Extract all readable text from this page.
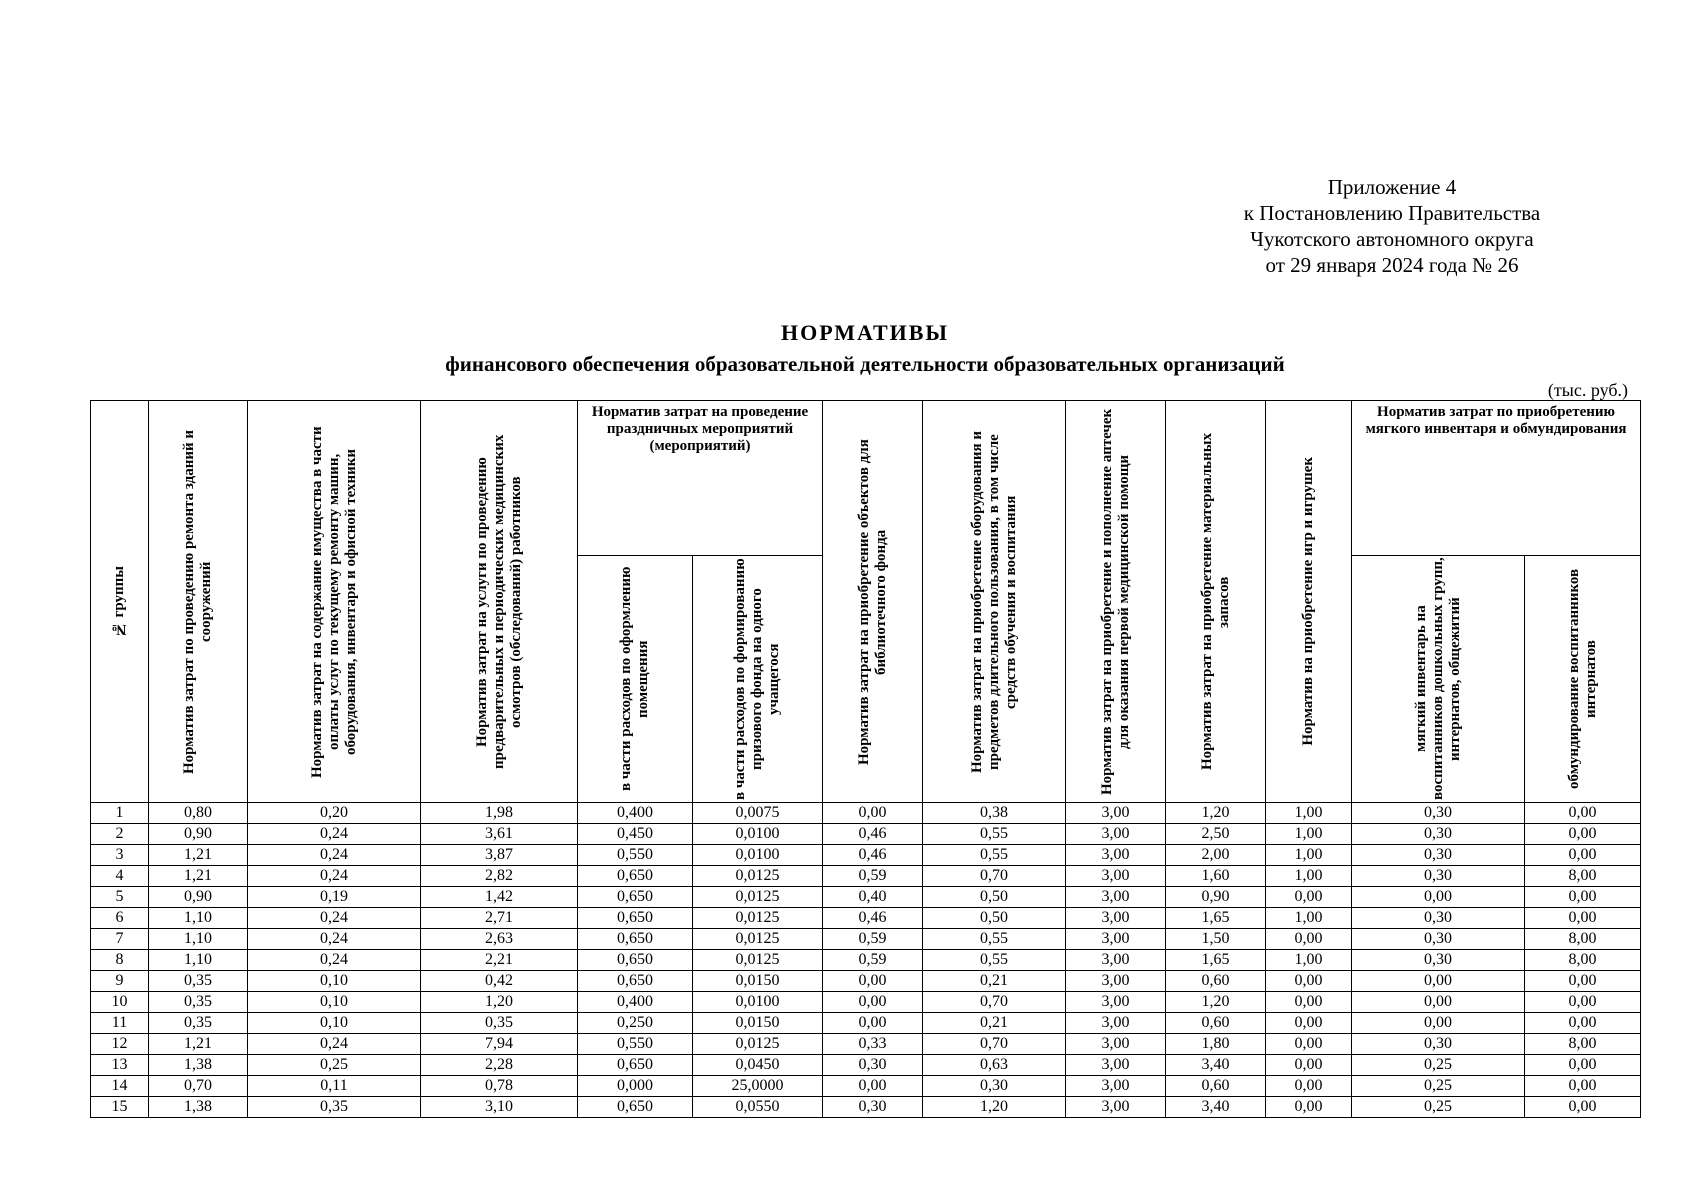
Приложение 4
к Постановлению Правительства
Чукотского автономного округа
от 29 января 2024 года № 26
НОРМАТИВЫ
финансового обеспечения образовательной деятельности образовательных организаций
(тыс. руб.)
№ группы	Норматив затрат по проведению ремонта зданий и сооружений	Норматив затрат на содержание имущества в части оплаты услуг по текущему ремонту машин, оборудования, инвентаря и офисной техники	Норматив затрат на услуги по проведению предварительных и периодических медицинских осмотров (обследований) работников	Норматив затрат на проведение праздничных мероприятий (мероприятий)		Норматив затрат на приобретение объектов для библиотечного фонда	Норматив затрат на приобретение оборудования и предметов длительного пользования, в том числе средств обучения и воспитания	Норматив затрат на приобретение и пополнение аптечек для оказания первой медицинской помощи	Норматив затрат на приобретение материальных запасов	Норматив на приобретение игр и игрушек	Норматив затрат по приобретению мягкого инвентаря и обмундирования	

				в части расходов по оформлению помещения	в части расходов по формированию призового фонда на одного учащегося						мягкий инвентарь на воспитанников дошкольных групп, интернатов, общежитий	обмундирование воспитанников интернатов

1	0,80	0,20	1,98	0,400	0,0075	0,00	0,38	3,00	1,20	1,00	0,30	0,00
2	0,90	0,24	3,61	0,450	0,0100	0,46	0,55	3,00	2,50	1,00	0,30	0,00
3	1,21	0,24	3,87	0,550	0,0100	0,46	0,55	3,00	2,00	1,00	0,30	0,00
4	1,21	0,24	2,82	0,650	0,0125	0,59	0,70	3,00	1,60	1,00	0,30	8,00
5	0,90	0,19	1,42	0,650	0,0125	0,40	0,50	3,00	0,90	0,00	0,00	0,00
6	1,10	0,24	2,71	0,650	0,0125	0,46	0,50	3,00	1,65	1,00	0,30	0,00
7	1,10	0,24	2,63	0,650	0,0125	0,59	0,55	3,00	1,50	0,00	0,30	8,00
8	1,10	0,24	2,21	0,650	0,0125	0,59	0,55	3,00	1,65	1,00	0,30	8,00
9	0,35	0,10	0,42	0,650	0,0150	0,00	0,21	3,00	0,60	0,00	0,00	0,00
10	0,35	0,10	1,20	0,400	0,0100	0,00	0,70	3,00	1,20	0,00	0,00	0,00
11	0,35	0,10	0,35	0,250	0,0150	0,00	0,21	3,00	0,60	0,00	0,00	0,00
12	1,21	0,24	7,94	0,550	0,0125	0,33	0,70	3,00	1,80	0,00	0,30	8,00
13	1,38	0,25	2,28	0,650	0,0450	0,30	0,63	3,00	3,40	0,00	0,25	0,00
14	0,70	0,11	0,78	0,000	25,0000	0,00	0,30	3,00	0,60	0,00	0,25	0,00
15	1,38	0,35	3,10	0,650	0,0550	0,30	1,20	3,00	3,40	0,00	0,25	0,00
